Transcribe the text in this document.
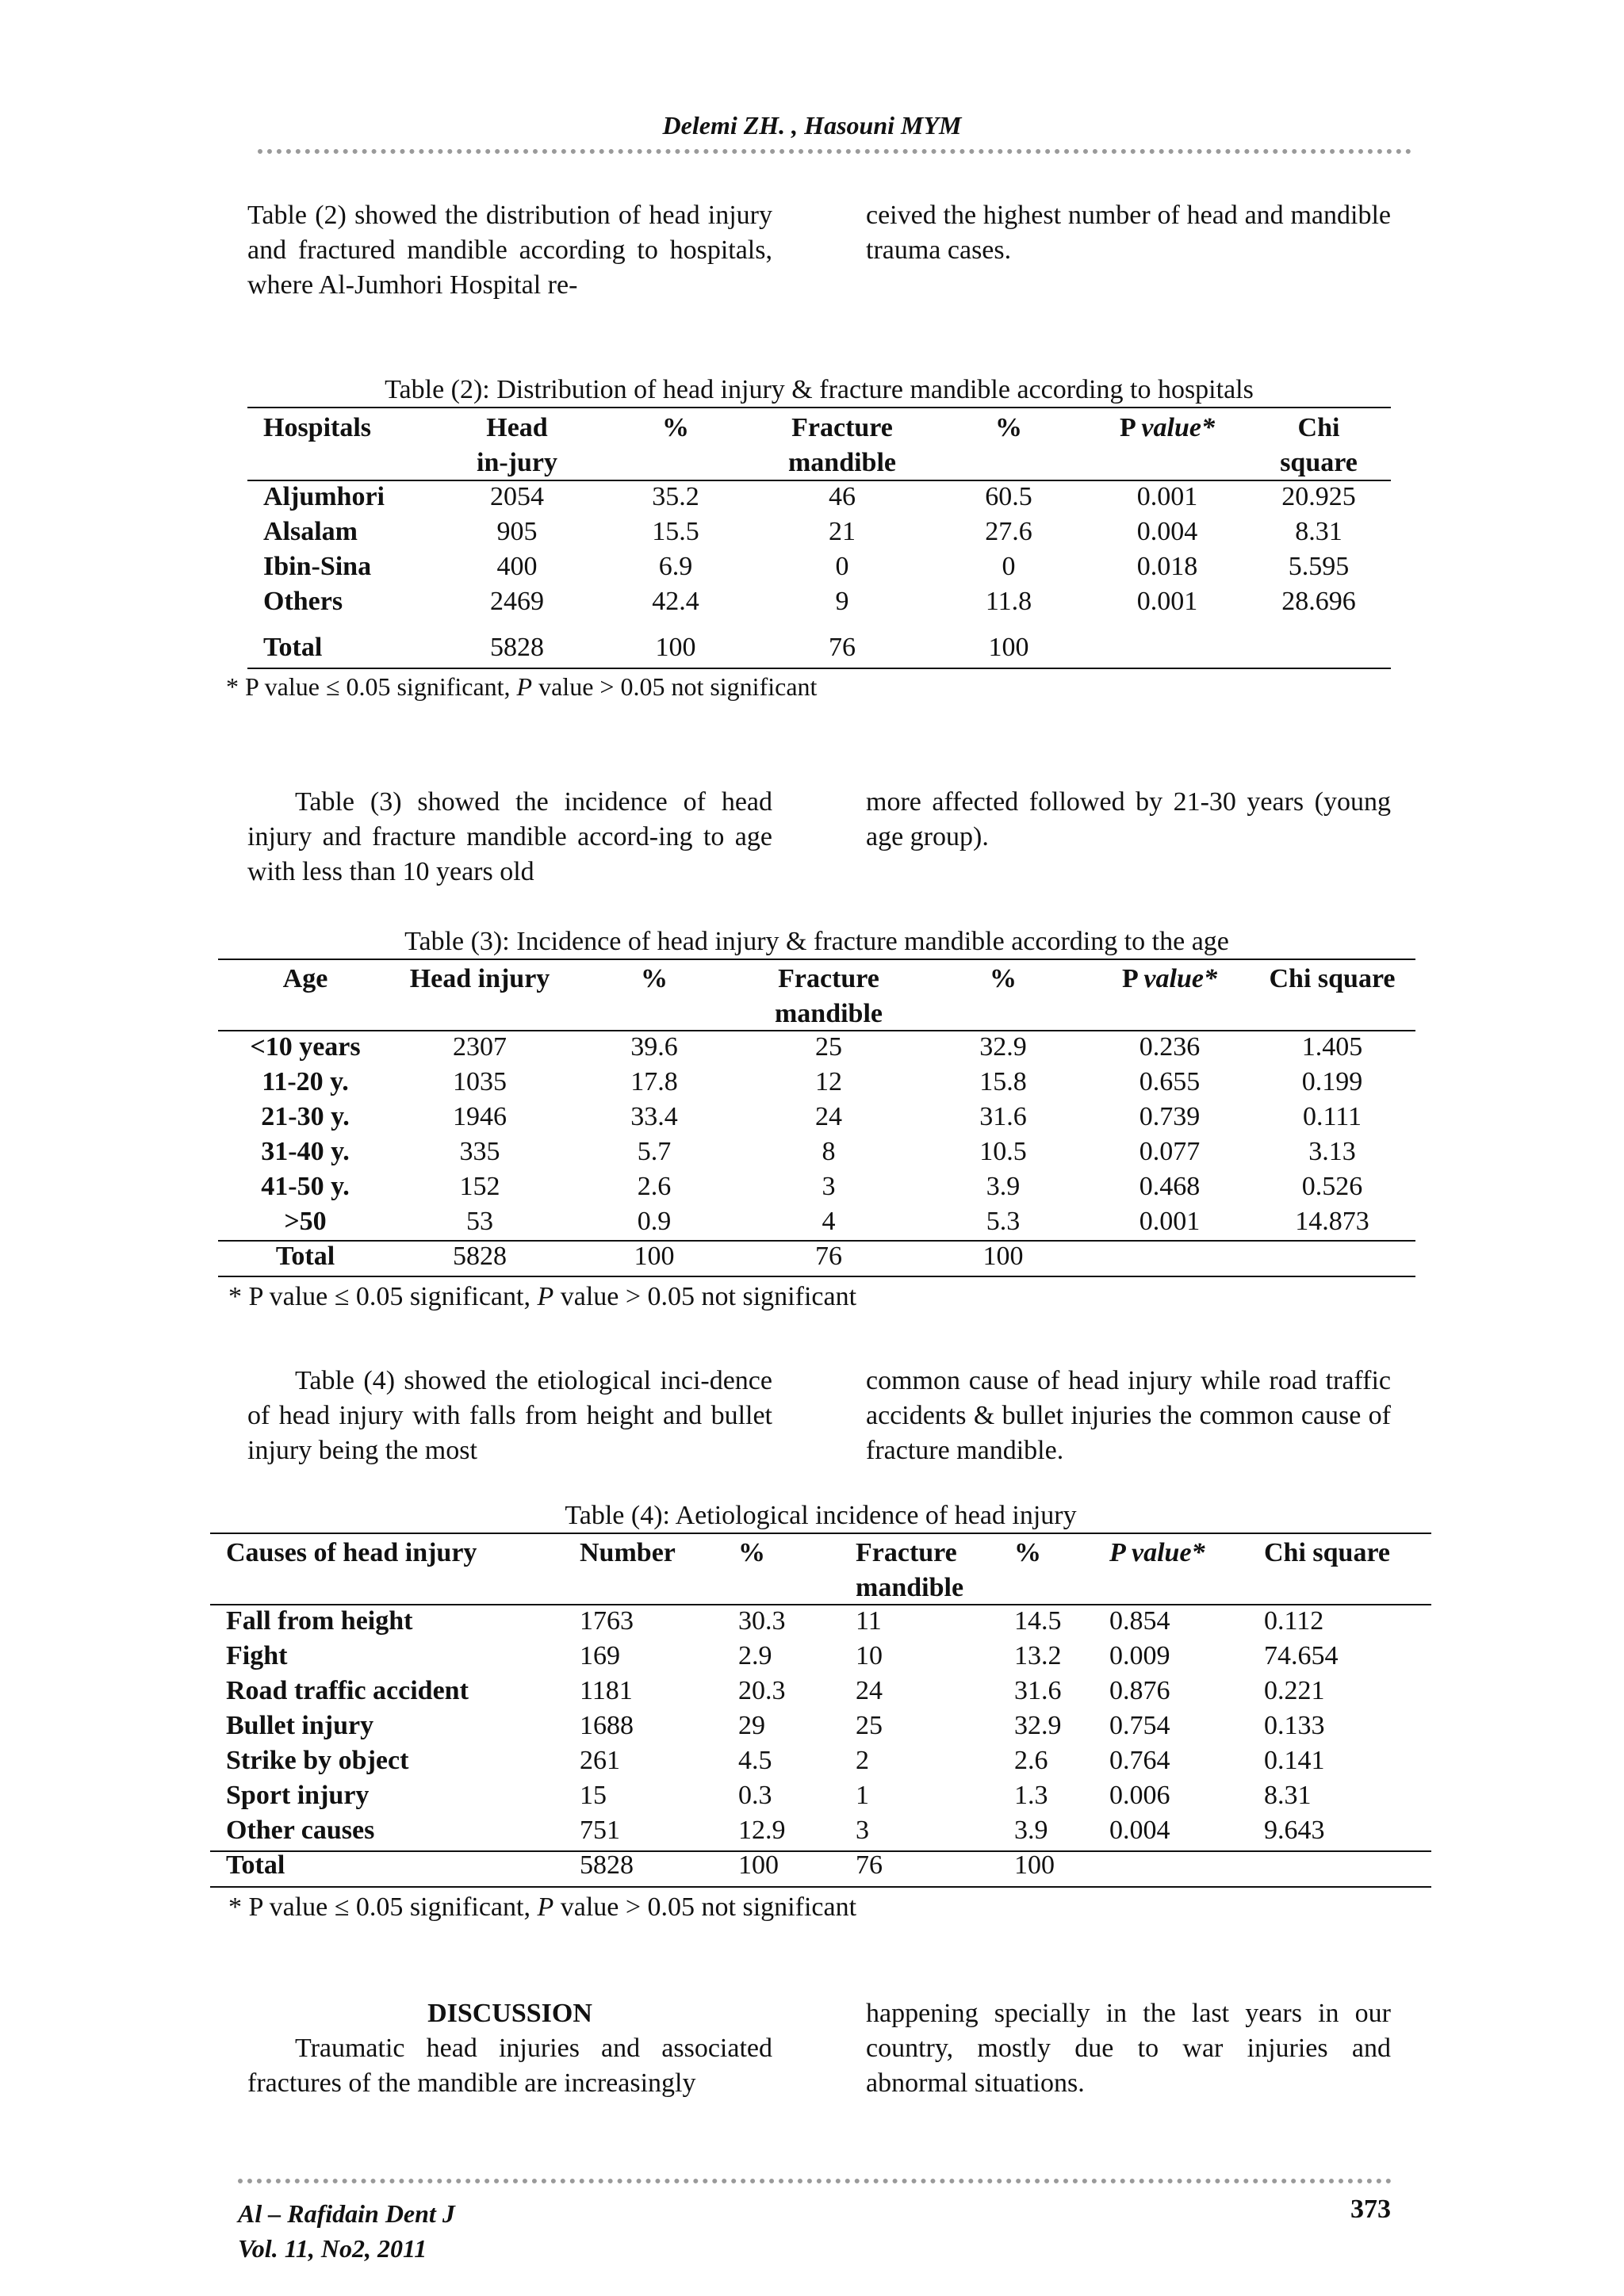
Delemi ZH. , Hasouni MYM
Table (2) showed the distribution of head injury and fractured mandible according to hospitals, where Al-Jumhori Hospital re-
ceived the highest number of head and mandible trauma cases.
Table (2): Distribution of head injury & fracture mandible according to hospitals
Hospitals	Head in-jury	%	Fracture mandible	%	P value*	Chi square
Aljumhori	2054	35.2	46	60.5	0.001	20.925
Alsalam	905	15.5	21	27.6	0.004	8.31
Ibin-Sina	400	6.9	0	0	0.018	5.595
Others	2469	42.4	9	11.8	0.001	28.696
Total	5828	100	76	100		
* P value ≤ 0.05 significant, P value > 0.05 not significant
Table (3) showed the incidence of head injury and fracture mandible accord-ing to age with less than 10 years old
more affected followed by 21-30 years (young age group).
Table (3): Incidence of head injury & fracture mandible according to the age
Age	Head injury	%	Fracture mandible	%	P value*	Chi square
<10 years	2307	39.6	25	32.9	0.236	1.405
11-20 y.	1035	17.8	12	15.8	0.655	0.199
21-30 y.	1946	33.4	24	31.6	0.739	0.111
31-40 y.	335	5.7	8	10.5	0.077	3.13
41-50 y.	152	2.6	3	3.9	0.468	0.526
>50	53	0.9	4	5.3	0.001	14.873
Total	5828	100	76	100		
* P value ≤ 0.05 significant, P value > 0.05 not significant
Table (4) showed the etiological inci-dence of head injury with falls from height and bullet injury being the most
common cause of head injury while road traffic accidents & bullet injuries the common cause of fracture mandible.
Table (4): Aetiological incidence of head injury
Causes of head injury	Number	%	Fracture mandible	%	P value*	Chi square
Fall from height	1763	30.3	11	14.5	0.854	0.112
Fight	169	2.9	10	13.2	0.009	74.654
Road traffic accident	1181	20.3	24	31.6	0.876	0.221
Bullet injury	1688	29	25	32.9	0.754	0.133
Strike by object	261	4.5	2	2.6	0.764	0.141
Sport injury	15	0.3	1	1.3	0.006	8.31
Other causes	751	12.9	3	3.9	0.004	9.643
Total	5828	100	76	100		
* P value ≤ 0.05 significant, P value > 0.05 not significant
DISCUSSION
Traumatic head injuries and associated fractures of the mandible are increasingly
happening specially in the last years in our country, mostly due to war injuries and abnormal situations.
Al – Rafidain Dent J
Vol. 11, No2, 2011
373
